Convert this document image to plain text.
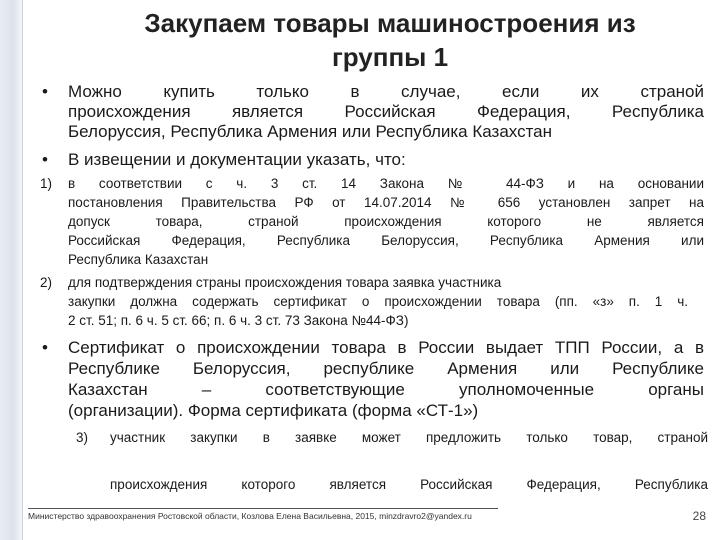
Закупаем товары машиностроения из
группы 1
• Можно купить только в случае, если их страной
происхождения является Российская Федерация, Республика
Белоруссия, Республика Армения или Республика Казахстан
• В извещении и документации указать, что:
1) в соответствии с ч. 3 ст. 14 Закона № 44-ФЗ и на основании
постановления Правительства РФ от 14.07.2014 № 656 установлен запрет на
допуск товара, страной происхождения которого не является
Российская Федерация, Республика Белоруссия, Республика Армения или
Республика Казахстан
2) для подтверждения страны происхождения товара заявка участника
закупки должна содержать сертификат о происхождении товара (пп. «з» п. 1 ч.
2 ст. 51; п. 6 ч. 5 ст. 66; п. 6 ч. 3 ст. 73 Закона №44-ФЗ)
• Сертификат о происхождении товара в России выдает ТПП России, а в
Республике Белоруссия, республике Армения или Республике
Казахстан – соответствующие уполномоченные органы
(организации). Форма сертификата (форма «СТ-1»)
3) участник закупки в заявке может предложить только товар, страной
происхождения которого является Российская Федерация, Республика
Министерство здравоохранения Ростовской области, Козлова Елена Васильевна, 2015, minzdravro2@yandex.ru	28
